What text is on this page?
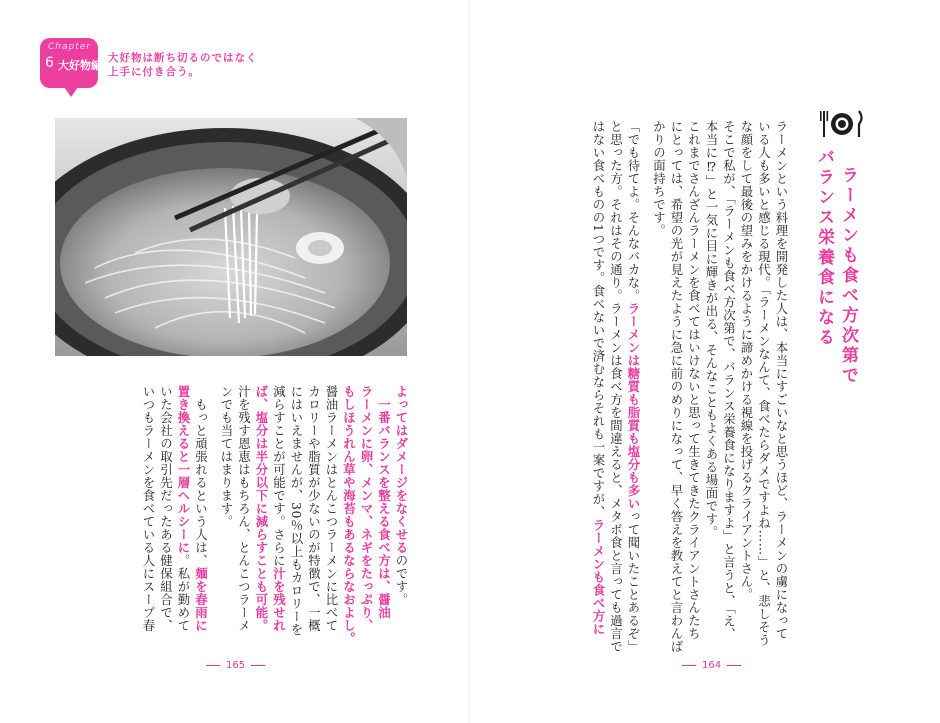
Chapter
6 大好物編
大好物は断ち切るのではなく
上手に付き合う。
よってはダメージをなくせるのです。
　一番バランスを整える食べ方は、醤油
ラーメンに卵、メンマ、ネギをたっぷり、
もしほうれん草や海苔もあるならなおよし。
醤油ラーメンはとんこつラーメンに比べて
カロリーや脂質が少ないのが特徴で、一概
にはいえませんが、30％以上もカロリーを
減らすことが可能です。さらに汁を残せれ
ば、塩分は半分以下に減らすことも可能。
汁を残す恩恵はもちろん、とんこつラーメ
ンでも当てはまります。
　もっと頑張れるという人は、麺を春雨に
置き換えると一層ヘルシーに。私が勤めて
いた会社の取引先だったある健保組合で、
いつもラーメンを食べている人にスープ春
165

ラーメンも食べ方次第で
バランス栄養食になる

ラーメンという料理を開発した人は、本当にすごいなと思うほど、ラーメンの虜になって
いる人も多いと感じる現代。「ラーメンなんて、食べたらダメですよね……」と、悲しそう
な顔をして最後の望みをかけるように諦めかける視線を投げるクライアントさん。
そこで私が、「ラーメンも食べ方次第で、バランス栄養食になりますよ」と言うと、「え、
本当に⁉」と一気に目に輝きが出る、そんなこともよくある場面です。
これまでさんざんラーメンを食べてはいけないと思って生きてきたクライアントさんたち
にとっては、希望の光が見えたように急に前のめりになって、早く答えを教えてと言わんば
かりの面持ちです。
「でも待てよ。そんなバカな。ラーメンは糖質も脂質も塩分も多いって聞いたことあるぞ」
と思った方。それはその通り。ラーメンは食べ方を間違えると、メタボ食と言っても過言で
はない食べものの1つです。食べないで済むならそれも一案ですが、ラーメンも食べ方に
164
